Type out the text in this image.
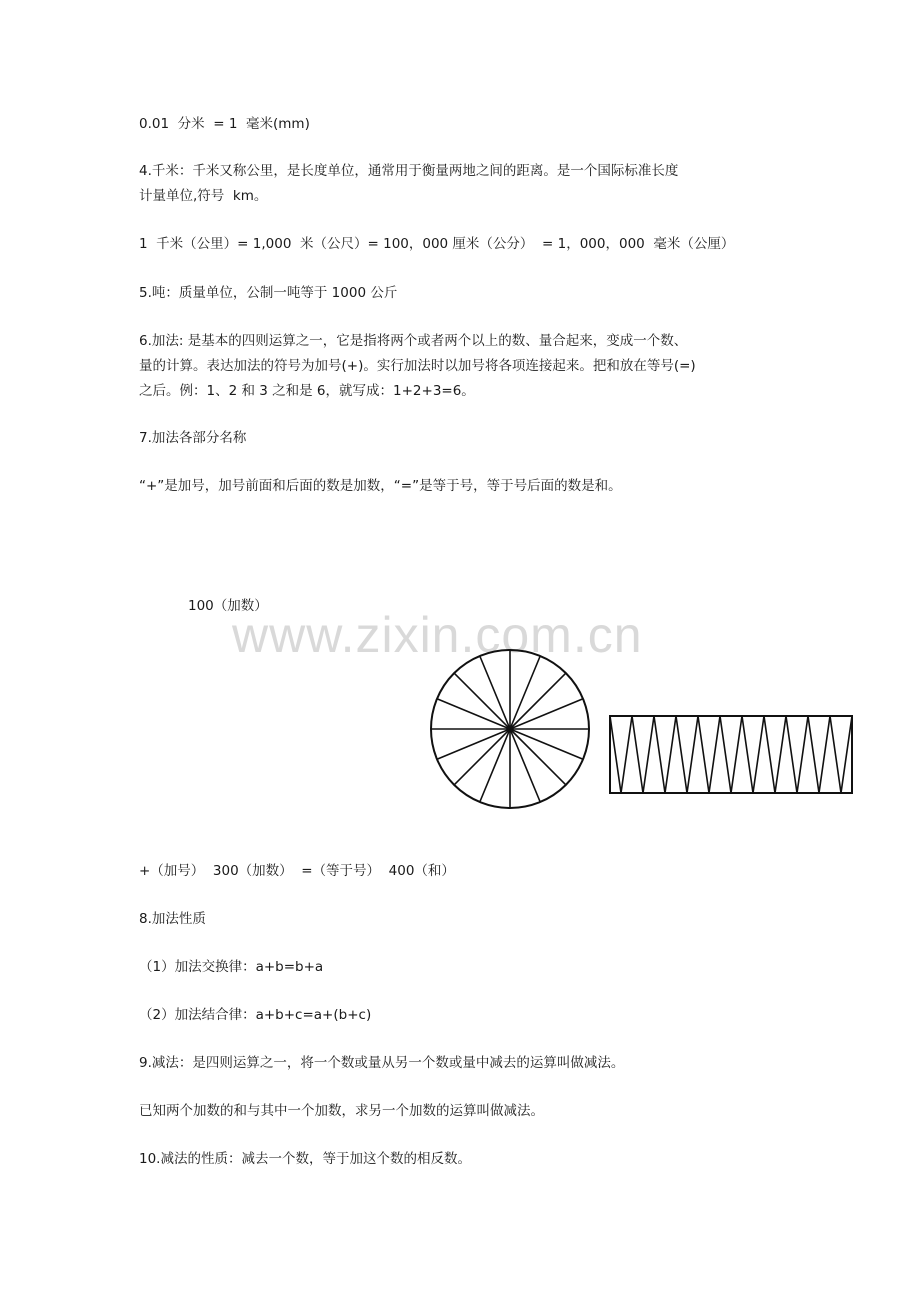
0.01  分米  = 1  毫米(mm)
4.千米：千米又称公里，是长度单位，通常用于衡量两地之间的距离。是一个国际标准长度
计量单位,符号  km。
1  千米（公里）= 1,000  米（公尺）= 100，000 厘米（公分）  = 1，000，000  毫米（公厘）
5.吨：质量单位，公制一吨等于 1000 公斤
6.加法: 是基本的四则运算之一，它是指将两个或者两个以上的数、量合起来，变成一个数、
量的计算。表达加法的符号为加号(+)。实行加法时以加号将各项连接起来。把和放在等号(=)
之后。例：1、2 和 3 之和是 6，就写成：1+2+3=6。
7.加法各部分名称
“+”是加号，加号前面和后面的数是加数，“=”是等于号，等于号后面的数是和。
100（加数）
www.zixin.com.cn
+（加号）  300（加数）  =（等于号）  400（和）
8.加法性质
（1）加法交换律：a+b=b+a
（2）加法结合律：a+b+c=a+(b+c)
9.减法：是四则运算之一，将一个数或量从另一个数或量中减去的运算叫做减法。
已知两个加数的和与其中一个加数，求另一个加数的运算叫做减法。
10.减法的性质：减去一个数，等于加这个数的相反数。
